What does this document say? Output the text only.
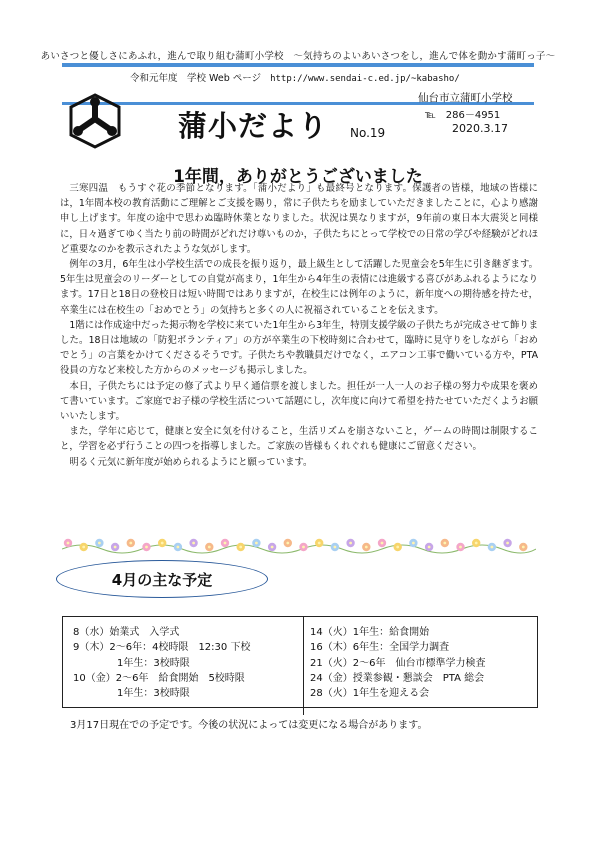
あいさつと優しさにあふれ，進んで取り組む蒲町小学校　～気持ちのよいあいさつをし，進んで体を動かす蒲町っ子～
令和元年度　学校 Web ページ http://www.sendai-c.ed.jp/~kabasho/
蒲小だより No.19
仙台市立蒲町小学校
℡　286－4951
2020.3.17
1年間，ありがとうございました

三寒四温　もうすぐ花の季節となります。「蒲小だより」も最終号となります。保護者の皆様，地域の皆様には，1年間本校の教育活動にご理解とご支援を賜り，常に子供たちを励ましていただきましたことに，心より感謝申し上げます。年度の途中で思わぬ臨時休業となりました。状況は異なりますが，9年前の東日本大震災と同様に，日々過ぎてゆく当たり前の時間がどれだけ尊いものか，子供たちにとって学校での日常の学びや経験がどれほど重要なのかを教示されたような気がします。

例年の3月，6年生は小学校生活での成長を振り返り，最上級生として活躍した児童会を5年生に引き継ぎます。5年生は児童会のリーダーとしての自覚が高まり，1年生から4年生の表情には進級する喜びがあふれるようになります。17日と18日の登校日は短い時間ではありますが，在校生には例年のように，新年度への期待感を持たせ，卒業生には在校生の「おめでとう」の気持ちと多くの人に祝福されていることを伝えます。

1階には作成途中だった掲示物を学校に来ていた1年生から3年生，特別支援学級の子供たちが完成させて飾りました。18日は地域の「防犯ボランティア」の方が卒業生の下校時刻に合わせて，臨時に見守りをしながら「おめでとう」の言葉をかけてくださるそうです。子供たちや教職員だけでなく，エアコン工事で働いている方や，PTA役員の方など来校した方からのメッセージも掲示しました。

本日，子供たちには予定の修了式より早く通信票を渡しました。担任が一人一人のお子様の努力や成果を褒めて書いています。ご家庭でお子様の学校生活について話題にし，次年度に向けて希望を持たせていただくようお願いいたします。

また，学年に応じて，健康と安全に気を付けること，生活リズムを崩さないこと，ゲームの時間は制限すること，学習を必ず行うことの四つを指導しました。ご家族の皆様もくれぐれも健康にご留意ください。

明るく元気に新年度が始められるようにと願っています。

4月の主な予定
8（水）始業式　入学式
9（木）2～6年：4校時限　12:30 下校
1年生：3校時限
10（金）2～6年　給食開始　5校時限
1年生：3校時限
14（火）1年生：給食開始
16（木）6年生：全国学力調査
21（火）2～6年　仙台市標準学力検査
24（金）授業参観・懇談会　PTA 総会
28（火）1年生を迎える会
3月17日現在での予定です。今後の状況によっては変更になる場合があります。
